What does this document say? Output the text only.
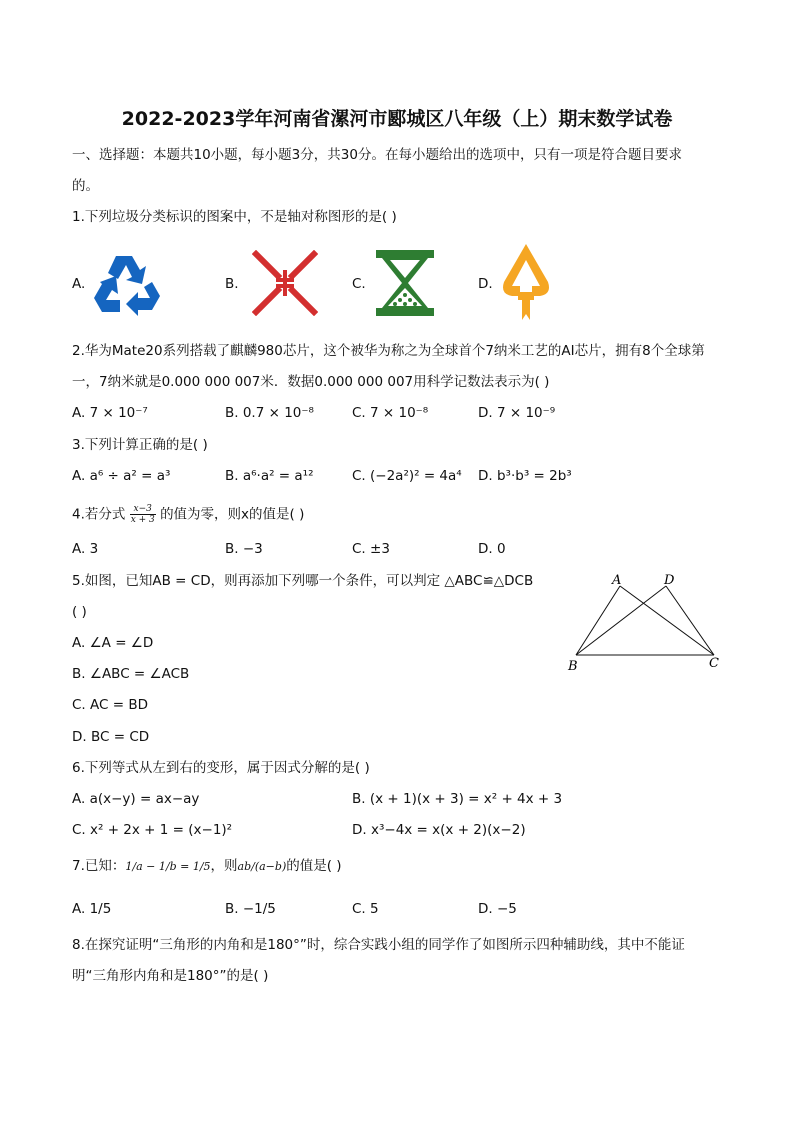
2022-2023学年河南省漯河市郾城区八年级（上）期末数学试卷
一、选择题：本题共10小题，每小题3分，共30分。在每小题给出的选项中，只有一项是符合题目要求
的。
1.下列垃圾分类标识的图案中，不是轴对称图形的是( )
A.	B.	C.	D.
2.华为Mate20系列搭载了麒麟980芯片，这个被华为称之为全球首个7纳米工艺的AI芯片，拥有8个全球第
一，7纳米就是0.000 000 007米．数据0.000 000 007用科学记数法表示为( )
A. 7 × 10⁻⁷	B. 0.7 × 10⁻⁸	C. 7 × 10⁻⁸	D. 7 × 10⁻⁹
3.下列计算正确的是( )
A. a⁶ ÷ a² = a³	B. a⁶·a² = a¹²	C. (−2a²)² = 4a⁴ D. b³·b³ = 2b³
4.若分式 $\frac{x-3}{x + 3}$ 的值为零，则x的值是( )
A. 3	B. −3	C. ±3	D. 0
5.如图，已知AB = CD，则再添加下列哪一个条件，可以判定 △ABC≌△DCB
( )
A. ∠A = ∠D
B. ∠ABC = ∠ACB
C. AC = BD
D. BC = CD
A	D
B	C
6.下列等式从左到右的变形，属于因式分解的是( )
A. a(x−y) = ax−ay	B. (x + 1)(x + 3) = x² + 4x + 3
C. x² + 2x + 1 = (x−1)²	D. x³−4x = x(x + 2)(x−2)
7.已知：1/a − 1/b = 1/5，则ab/(a−b)的值是( )
A. 1/5	B. −1/5	C. 5	D. −5
8.在探究证明“三角形的内角和是180°”时，综合实践小组的同学作了如图所示四种辅助线，其中不能证
明“三角形内角和是180°”的是( )
